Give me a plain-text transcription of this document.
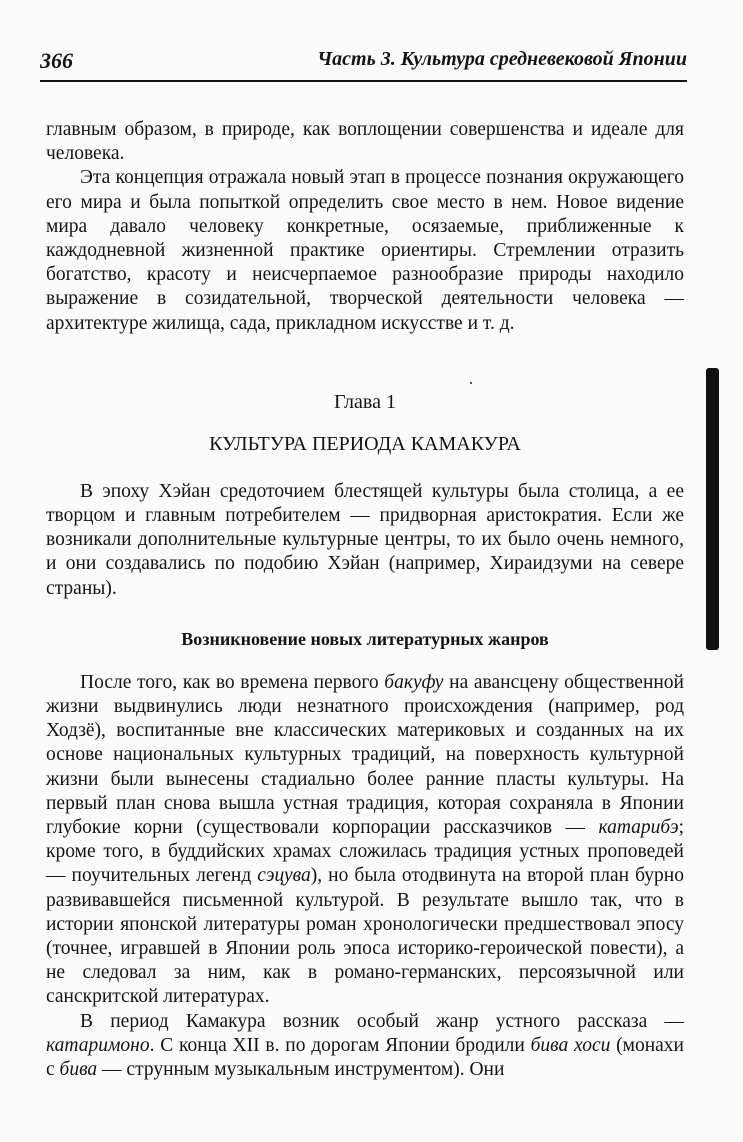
366	Часть 3. Культура средневековой Японии

главным образом, в природе, как воплощении совершенства и идеале для человека.

Эта концепция отражала новый этап в процессе познания окружающего его мира и была попыткой определить свое место в нем. Новое видение мира давало человеку конкретные, осязаемые, приближенные к каждодневной жизненной практике ориентиры. Стремлении отразить богатство, красоту и неисчерпаемое разнообразие природы находило выражение в созидательной, творческой деятельности человека — архитектуре жилища, сада, прикладном искусстве и т. д.

Глава 1
КУЛЬТУРА ПЕРИОДА КАМАКУРА

В эпоху Хэйан средоточием блестящей культуры была столица, а ее творцом и главным потребителем — придворная аристократия. Если же возникали дополнительные культурные центры, то их было очень немного, и они создавались по подобию Хэйан (например, Хираидзуми на севере страны).

Возникновение новых литературных жанров

После того, как во времена первого бакуфу на авансцену общественной жизни выдвинулись люди незнатного происхождения (например, род Ходзё), воспитанные вне классических материковых и созданных на их основе национальных культурных традиций, на поверхность культурной жизни были вынесены стадиально более ранние пласты культуры. На первый план снова вышла устная традиция, которая сохраняла в Японии глубокие корни (существовали корпорации рассказчиков — катарибэ; кроме того, в буддийских храмах сложилась традиция устных проповедей — поучительных легенд сэцува), но была отодвинута на второй план бурно развивавшейся письменной культурой. В результате вышло так, что в истории японской литературы роман хронологически предшествовал эпосу (точнее, игравшей в Японии роль эпоса историко-героической повести), а не следовал за ним, как в романо-германских, персоязычной или санскритской литературах.

В период Камакура возник особый жанр устного рассказа — катаримоно. С конца XII в. по дорогам Японии бродили бива хоси (монахи с бива — струнным музыкальным инструментом). Они
